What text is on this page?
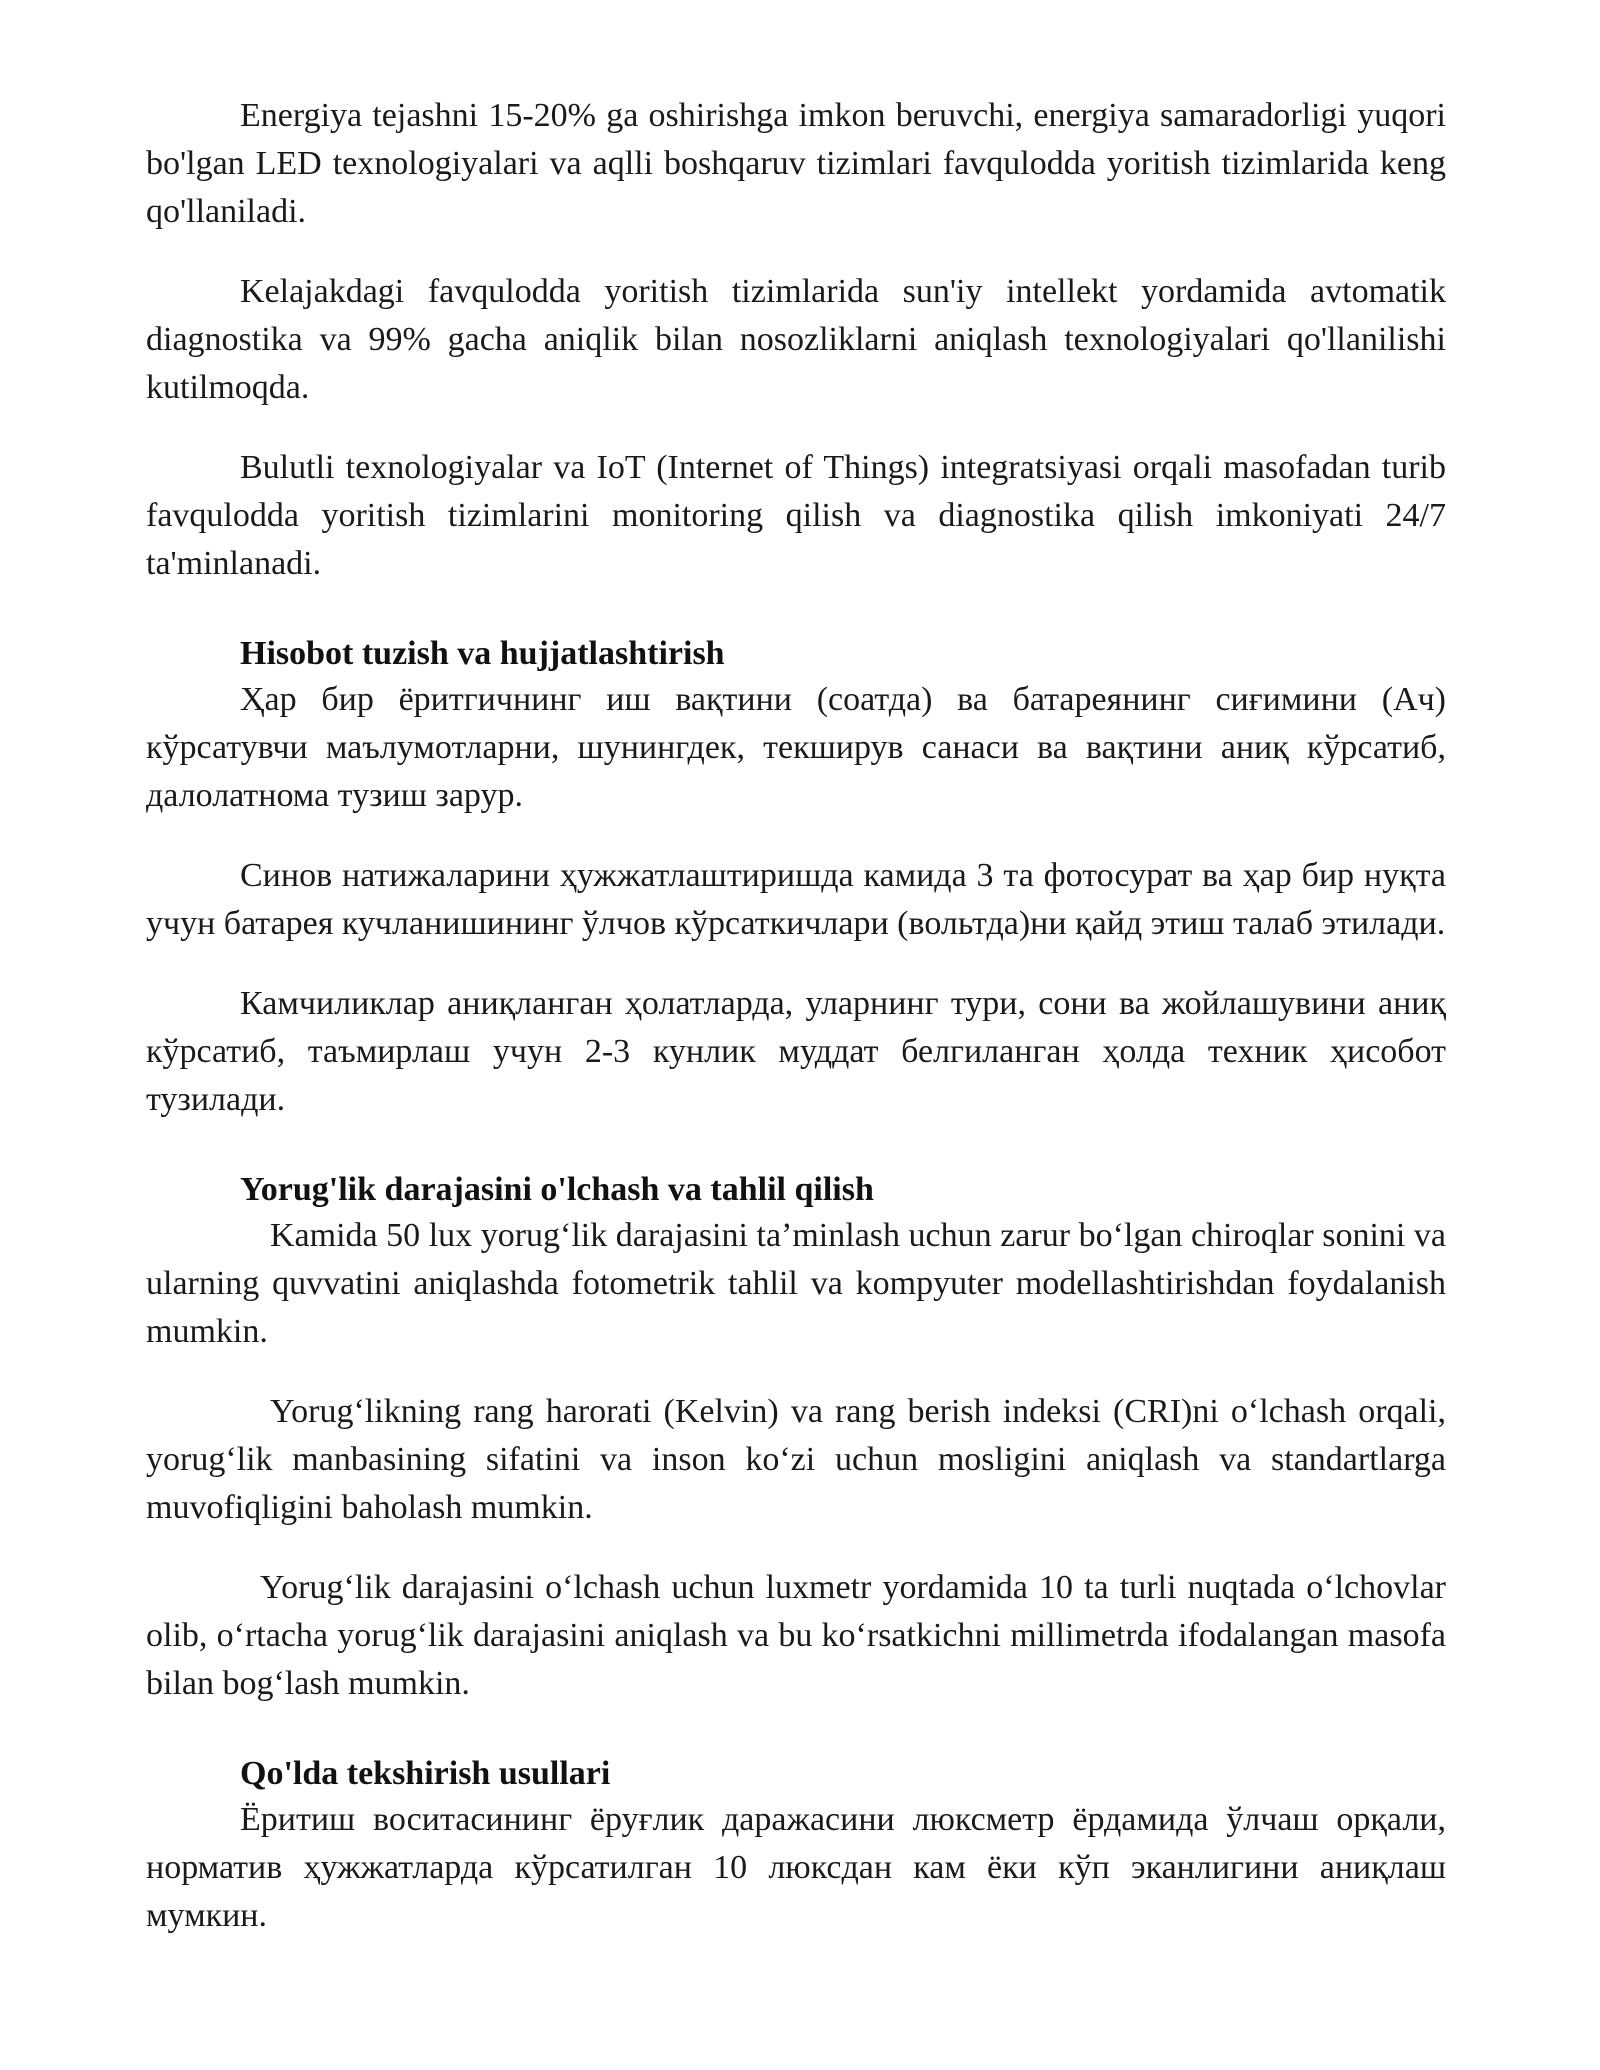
Energiya tejashni 15-20% ga oshirishga imkon beruvchi, energiya samaradorligi yuqori bo'lgan LED texnologiyalari va aqlli boshqaruv tizimlari favqulodda yoritish tizimlarida keng qo'llaniladi.

Kelajakdagi favqulodda yoritish tizimlarida sun'iy intellekt yordamida avtomatik diagnostika va 99% gacha aniqlik bilan nosozliklarni aniqlash texnologiyalari qo'llanilishi kutilmoqda.

Bulutli texnologiyalar va IoT (Internet of Things) integratsiyasi orqali masofadan turib favqulodda yoritish tizimlarini monitoring qilish va diagnostika qilish imkoniyati 24/7 ta'minlanadi.

Hisobot tuzish va hujjatlashtirish

Ҳар бир ёритгичнинг иш вақтини (соатда) ва батареянинг сиғимини (Ач) кўрсатувчи маълумотларни, шунингдек, текширув санаси ва вақтини аниқ кўрсатиб, далолатнома тузиш зарур.

Синов натижаларини ҳужжатлаштиришда камида 3 та фотосурат ва ҳар бир нуқта учун батарея кучланишининг ўлчов кўрсаткичлари (вольтда)ни қайд этиш талаб этилади.

Камчиликлар аниқланган ҳолатларда, уларнинг тури, сони ва жойлашувини аниқ кўрсатиб, таъмирлаш учун 2-3 кунлик муддат белгиланган ҳолда техник ҳисобот тузилади.

Yorug'lik darajasini o'lchash va tahlil qilish

Kamida 50 lux yorugʻlik darajasini taʼminlash uchun zarur boʻlgan chiroqlar sonini va ularning quvvatini aniqlashda fotometrik tahlil va kompyuter modellashtirishdan foydalanish mumkin.

Yorugʻlikning rang harorati (Kelvin) va rang berish indeksi (CRI)ni oʻlchash orqali, yorugʻlik manbasining sifatini va inson koʻzi uchun mosligini aniqlash va standartlarga muvofiqligini baholash mumkin.

Yorugʻlik darajasini oʻlchash uchun luxmetr yordamida 10 ta turli nuqtada oʻlchovlar olib, oʻrtacha yorugʻlik darajasini aniqlash va bu koʻrsatkichni millimetrda ifodalangan masofa bilan bogʻlash mumkin.

Qo'lda tekshirish usullari

Ёритиш воситасининг ёруғлик даражасини люксметр ёрдамида ўлчаш орқали, норматив ҳужжатларда кўрсатилган 10 люксдан кам ёки кўп эканлигини аниқлаш мумкин.
